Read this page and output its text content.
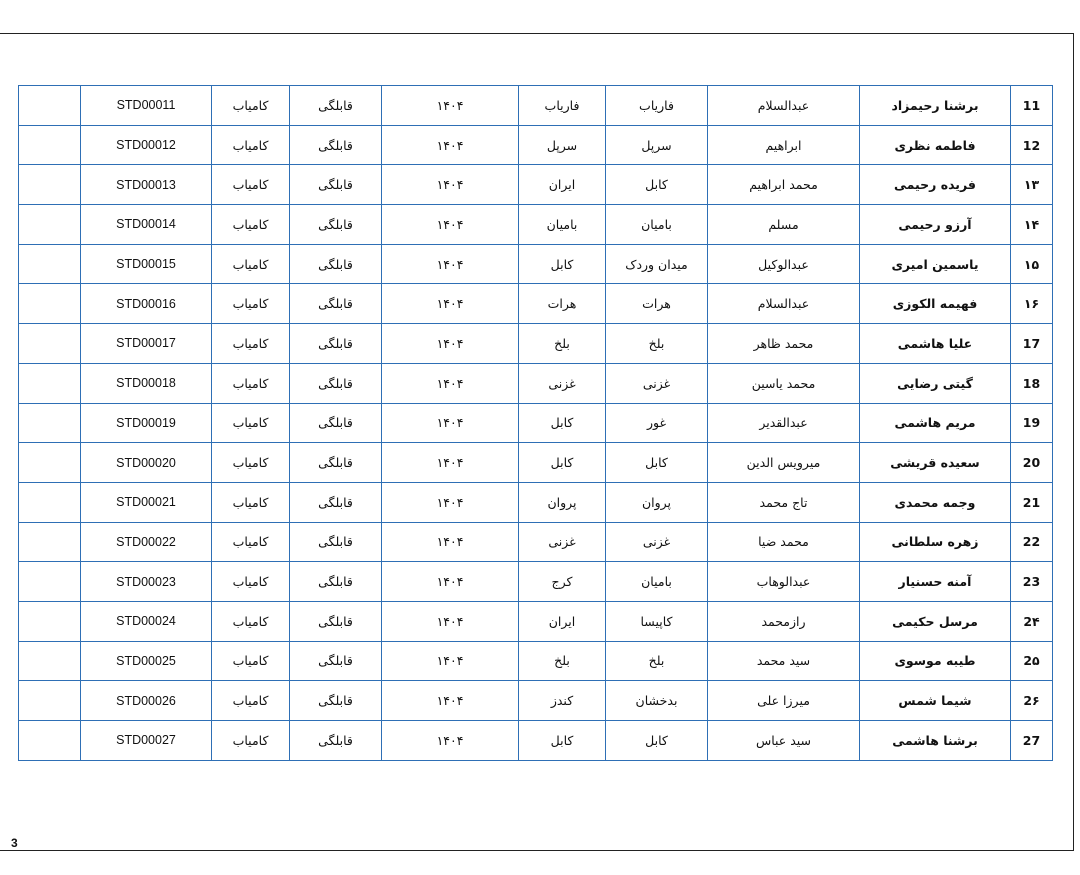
	STD00011	کامیاب	قابلگی	۱۴۰۴	فاریاب	فاریاب	عبدالسلام	برشنا رحیمزاد	11
	STD00012	کامیاب	قابلگی	۱۴۰۴	سرپل	سرپل	ابراهیم	فاطمه نظری	12
	STD00013	کامیاب	قابلگی	۱۴۰۴	ایران	کابل	محمد ابراهیم	فریده رحیمی	۱۳
	STD00014	کامیاب	قابلگی	۱۴۰۴	بامیان	بامیان	مسلم	آرزو رحیمی	۱۴
	STD00015	کامیاب	قابلگی	۱۴۰۴	کابل	میدان وردک	عبدالوکیل	یاسمین امیری	۱۵
	STD00016	کامیاب	قابلگی	۱۴۰۴	هرات	هرات	عبدالسلام	فهیمه الکوزی	۱۶
	STD00017	کامیاب	قابلگی	۱۴۰۴	بلخ	بلخ	محمد ظاهر	علیا هاشمی	17
	STD00018	کامیاب	قابلگی	۱۴۰۴	غزنی	غزنی	محمد یاسین	گیتی رضایی	18
	STD00019	کامیاب	قابلگی	۱۴۰۴	کابل	غور	عبدالقدیر	مریم هاشمی	19
	STD00020	کامیاب	قابلگی	۱۴۰۴	کابل	کابل	میرویس الدین	سعیده قریشی	20
	STD00021	کامیاب	قابلگی	۱۴۰۴	پروان	پروان	تاج محمد	وجمه محمدی	21
	STD00022	کامیاب	قابلگی	۱۴۰۴	غزنی	غزنی	محمد ضیا	زهره سلطانی	22
	STD00023	کامیاب	قابلگی	۱۴۰۴	کرج	بامیان	عبدالوهاب	آمنه حسنیار	23
	STD00024	کامیاب	قابلگی	۱۴۰۴	ایران	کاپیسا	رازمحمد	مرسل حکیمی	2۴
	STD00025	کامیاب	قابلگی	۱۴۰۴	بلخ	بلخ	سید محمد	طیبه موسوی	2۵
	STD00026	کامیاب	قابلگی	۱۴۰۴	کندز	بدخشان	میرزا علی	شیما شمس	2۶
	STD00027	کامیاب	قابلگی	۱۴۰۴	کابل	کابل	سید عباس	برشنا هاشمی	27
3
